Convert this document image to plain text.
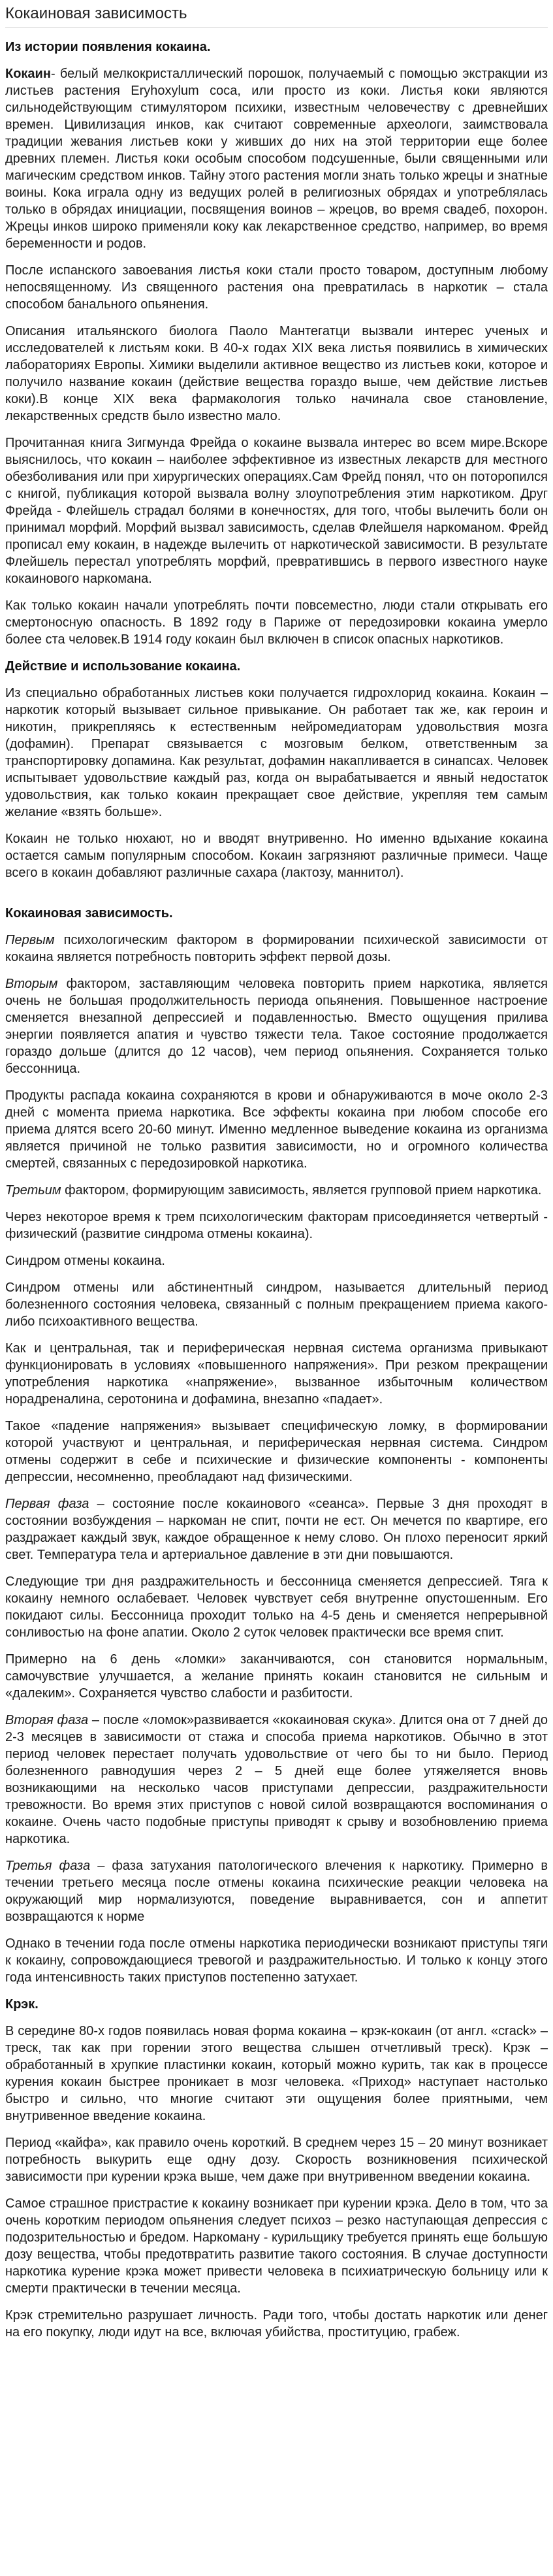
Кокаиновая зависимость
Из истории появления кокаина.

Кокаин- белый мелкокристаллический порошок, получаемый с помощью экстракции из листьев растения Eryhoxylum coca, или просто из коки. Листья коки являются сильнодействующим стимулятором психики, известным человечеству с древнейших времен. Цивилизация инков, как считают современные археологи, заимствовала традиции жевания листьев коки у живших до них на этой территории еще более древних племен. Листья коки особым способом подсушенные, были священными или магическим средством инков. Тайну этого растения могли знать только жрецы и знатные воины. Кока играла одну из ведущих ролей в религиозных обрядах и употреблялась только в обрядах инициации, посвящения воинов – жрецов, во время свадеб, похорон. Жрецы инков широко применяли коку как лекарственное средство, например, во время беременности и родов.

После испанского завоевания листья коки стали просто товаром, доступным любому непосвященному. Из священного растения она превратилась в наркотик – стала способом банального опьянения.

Описания итальянского биолога Паоло Мантегатци вызвали интерес ученых и исследователей к листьям коки. В 40-х годах XIX века листья появились в химических лабораториях Европы. Химики выделили активное вещество из листьев коки, которое и получило название кокаин (действие вещества гораздо выше, чем действие листьев коки).В конце XIX века фармакология только начинала свое становление, лекарственных средств было известно мало.

Прочитанная книга Зигмунда Фрейда о кокаине вызвала интерес во всем мире.Вскоре выяснилось, что кокаин – наиболее эффективное из известных лекарств для местного обезболивания или при хирургических операциях.Сам Фрейд понял, что он поторопился с книгой, публикация которой вызвала волну злоупотребления этим наркотиком. Друг Фрейда - Флейшель страдал болями в конечностях, для того, чтобы вылечить боли он принимал морфий. Морфий вызвал зависимость, сделав Флейшеля наркоманом. Фрейд прописал ему кокаин, в надежде вылечить от наркотической зависимости. В результате Флейшель перестал употреблять морфий, превратившись в первого известного науке кокаинового наркомана.

Как только кокаин начали употреблять почти повсеместно, люди стали открывать его смертоносную опасность. В 1892 году в Париже от передозировки кокаина умерло более ста человек.В 1914 году кокаин был включен в список опасных наркотиков.

Действие и использование кокаина.

Из специально обработанных листьев коки получается гидрохлорид кокаина. Кокаин – наркотик который вызывает сильное привыкание. Он работает так же, как героин и никотин, прикрепляясь к естественным нейромедиаторам удовольствия мозга (дофамин). Препарат связывается с мозговым белком, ответственным за транспортировку допамина. Как результат, дофамин накапливается в синапсах. Человек испытывает удовольствие каждый раз, когда он вырабатывается и явный недостаток удовольствия, как только кокаин прекращает свое действие, укрепляя тем самым желание «взять больше».

Кокаин не только нюхают, но и вводят внутривенно. Но именно вдыхание кокаина остается самым популярным способом. Кокаин загрязняют различные примеси. Чаще всего в кокаин добавляют различные сахара (лактозу, маннитол).

Кокаиновая зависимость.

Первым психологическим фактором в формировании психической зависимости от кокаина является потребность повторить эффект первой дозы.

Вторым фактором, заставляющим человека повторить прием наркотика, является очень не большая продолжительность периода опьянения. Повышенное настроение сменяется внезапной депрессией и подавленностью. Вместо ощущения прилива энергии появляется апатия и чувство тяжести тела. Такое состояние продолжается гораздо дольше (длится до 12 часов), чем период опьянения. Сохраняется только бессонница.

Продукты распада кокаина сохраняются в крови и обнаруживаются в моче около 2-3 дней с момента приема наркотика. Все эффекты кокаина при любом способе его приема длятся всего 20-60 минут. Именно медленное выведение кокаина из организма является причиной не только развития зависимости, но и огромного количества смертей, связанных с передозировкой наркотика.

Третьим фактором, формирующим зависимость, является групповой прием наркотика.

Через некоторое время к трем психологическим факторам присоединяется четвертый - физический (развитие синдрома отмены кокаина).

Синдром отмены кокаина.

Синдром отмены или абстинентный синдром, называется длительный период болезненного состояния человека, связанный с полным прекращением приема какого-либо психоактивного вещества.

Как и центральная, так и периферическая нервная система организма привыкают функционировать в условиях «повышенного напряжения». При резком прекращении употребления наркотика «напряжение», вызванное избыточным количеством норадреналина, серотонина и дофамина, внезапно «падает».

Такое «падение напряжения» вызывает специфическую ломку, в формировании которой участвуют и центральная, и периферическая нервная система. Синдром отмены содержит в себе и психические и физические компоненты - компоненты депрессии, несомненно, преобладают над физическими.

Первая фаза – состояние после кокаинового «сеанса». Первые 3 дня проходят в состоянии возбуждения – наркоман не спит, почти не ест. Он мечется по квартире, его раздражает каждый звук, каждое обращенное к нему слово. Он плохо переносит яркий свет. Температура тела и артериальное давление в эти дни повышаются.

Следующие три дня раздражительность и бессонница сменяется депрессией. Тяга к кокаину немного ослабевает. Человек чувствует себя внутренне опустошенным. Его покидают силы. Бессонница проходит только на 4-5 день и сменяется непрерывной сонливостью на фоне апатии. Около 2 суток человек практически все время спит.

Примерно на 6 день «ломки» заканчиваются, сон становится нормальным, самочувствие улучшается, а желание принять кокаин становится не сильным и «далеким». Сохраняется чувство слабости и разбитости.

Вторая фаза – после «ломок»развивается «кокаиновая скука». Длится она от 7 дней до 2-3 месяцев в зависимости от стажа и способа приема наркотиков. Обычно в этот период человек перестает получать удовольствие от чего бы то ни было. Период болезненного равнодушия через 2 – 5 дней еще более утяжеляется вновь возникающими на несколько часов приступами депрессии, раздражительности тревожности. Во время этих приступов с новой силой возвращаются воспоминания о кокаине. Очень часто подобные приступы приводят к срыву и возобновлению приема наркотика.

Третья фаза – фаза затухания патологического влечения к наркотику. Примерно в течении третьего месяца после отмены кокаина психические реакции человека на окружающий мир нормализуются, поведение выравнивается, сон и аппетит возвращаются к норме

Однако в течении года после отмены наркотика периодически возникают приступы тяги к кокаину, сопровождающиеся тревогой и раздражительностью. И только к концу этого года интенсивность таких приступов постепенно затухает.

Крэк.

В середине 80-х годов появилась новая форма кокаина – крэк-кокаин (от англ. «crack» – треск, так как при горении этого вещества слышен отчетливый треск). Крэк – обработанный в хрупкие пластинки кокаин, который можно курить, так как в процессе курения кокаин быстрее проникает в мозг человека. «Приход» наступает настолько быстро и сильно, что многие считают эти ощущения более приятными, чем внутривенное введение кокаина.

Период «кайфа», как правило очень короткий. В среднем через 15 – 20 минут возникает потребность выкурить еще одну дозу. Скорость возникновения психической зависимости при курении крэка выше, чем даже при внутривенном введении кокаина.

Самое страшное пристрастие к кокаину возникает при курении крэка. Дело в том, что за очень коротким периодом опьянения следует психоз – резко наступающая депрессия с подозрительностью и бредом. Наркоману - курильщику требуется принять еще большую дозу вещества, чтобы предотвратить развитие такого состояния. В случае доступности наркотика курение крэка может привести человека в психиатрическую больницу или к смерти практически в течении месяца.

Крэк стремительно разрушает личность. Ради того, чтобы достать наркотик или денег на его покупку, люди идут на все, включая убийства, проституцию, грабеж.
